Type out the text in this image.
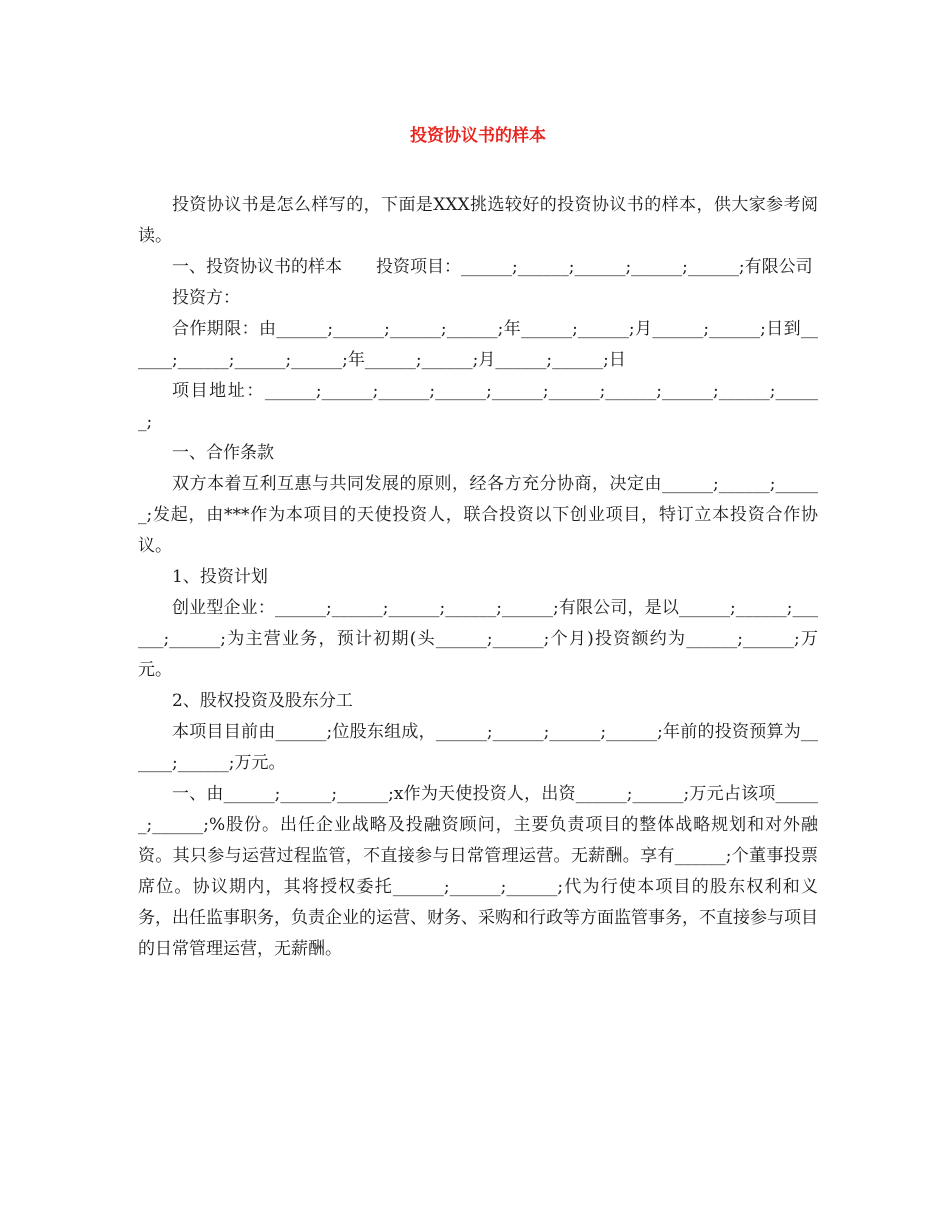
投资协议书的样本

投资协议书是怎么样写的，下面是XXX挑选较好的投资协议书的样本，供大家参考阅读。

一、投资协议书的样本　　投资项目：______;______;______;______;______;有限公司

投资方：

合作期限：由______;______;______;______;年______;______;月______;______;日到______;______;______;______;年______;______;月______;______;日

项目地址：______;______;______;______;______;______;______;______;______;______;

一、合作条款

双方本着互利互惠与共同发展的原则，经各方充分协商，决定由______;______;______;发起，由***作为本项目的天使投资人，联合投资以下创业项目，特订立本投资合作协议。

1、投资计划

创业型企业：______;______;______;______;______;有限公司，是以______;______;______;______;为主营业务，预计初期(头______;______;个月)投资额约为______;______;万元。

2、股权投资及股东分工

本项目目前由______;位股东组成，______;______;______;______;年前的投资预算为______;______;万元。

一、由______;______;______;x作为天使投资人，出资______;______;万元占该项______;______;%股份。出任企业战略及投融资顾问，主要负责项目的整体战略规划和对外融资。其只参与运营过程监管，不直接参与日常管理运营。无薪酬。享有______;个董事投票席位。协议期内，其将授权委托______;______;______;代为行使本项目的股东权利和义务，出任监事职务，负责企业的运营、财务、采购和行政等方面监管事务，不直接参与项目的日常管理运营，无薪酬。
